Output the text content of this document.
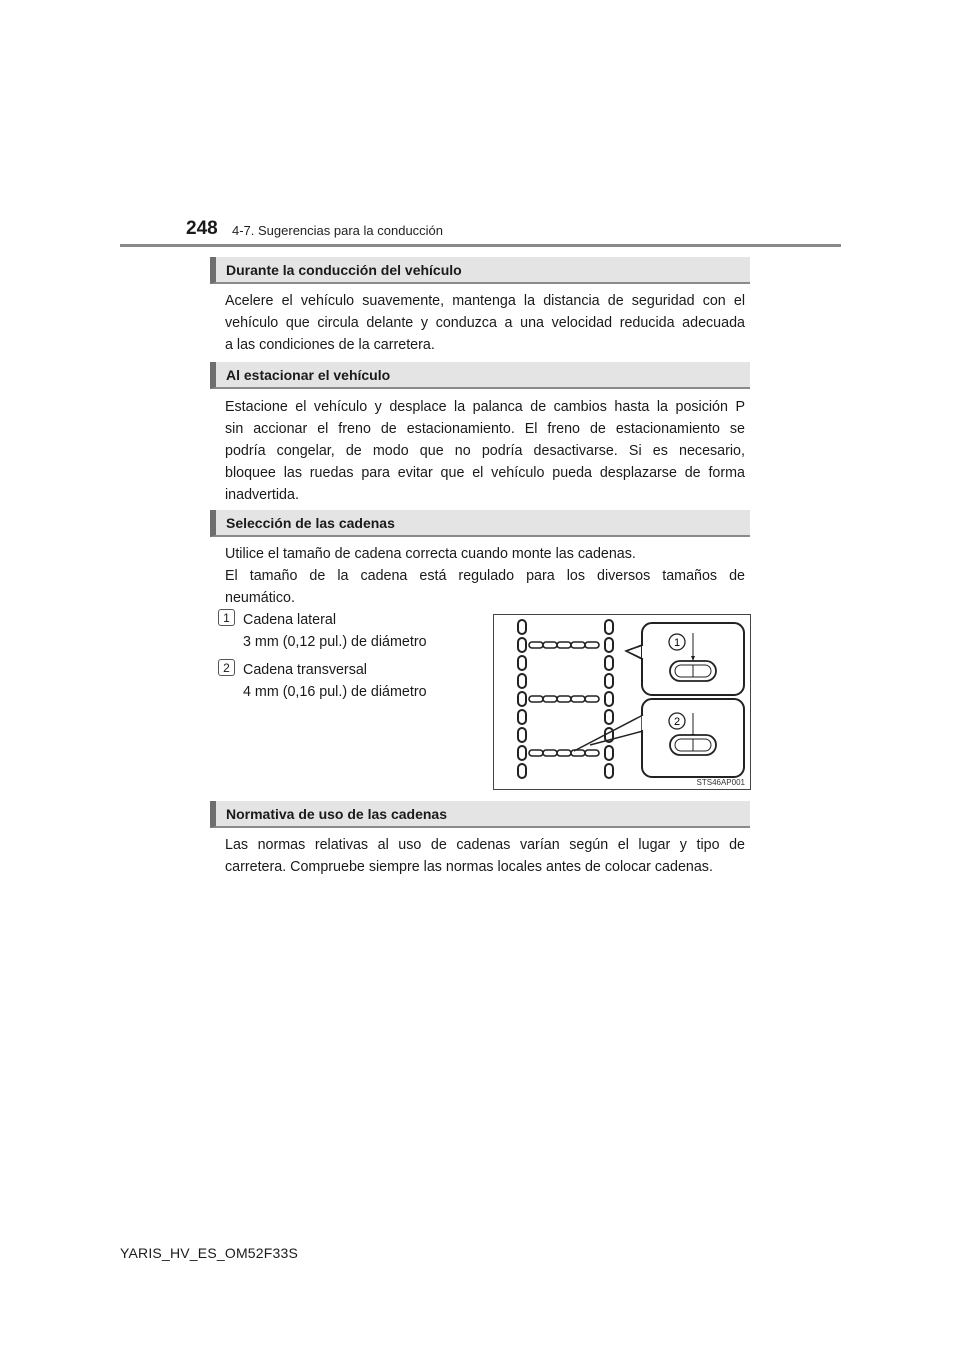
248 4-7. Sugerencias para la conducción
Durante la conducción del vehículo

Acelere el vehículo suavemente, mantenga la distancia de seguridad con el
vehículo que circula delante y conduzca a una velocidad reducida adecuada
a las condiciones de la carretera.

Al estacionar el vehículo

Estacione el vehículo y desplace la palanca de cambios hasta la posición P
sin accionar el freno de estacionamiento. El freno de estacionamiento se
podría congelar, de modo que no podría desactivarse. Si es necesario,
bloquee las ruedas para evitar que el vehículo pueda desplazarse de forma
inadvertida.

Selección de las cadenas

Utilice el tamaño de cadena correcta cuando monte las cadenas.

El tamaño de la cadena está regulado para los diversos tamaños de
neumático.

1 Cadena lateral

3 mm (0,12 pul.) de diámetro

2 Cadena transversal

4 mm (0,16 pul.) de diámetro

1
2
STS46AP001
Normativa de uso de las cadenas

Las normas relativas al uso de cadenas varían según el lugar y tipo de
carretera. Compruebe siempre las normas locales antes de colocar cadenas.

YARIS_HV_ES_OM52F33S
